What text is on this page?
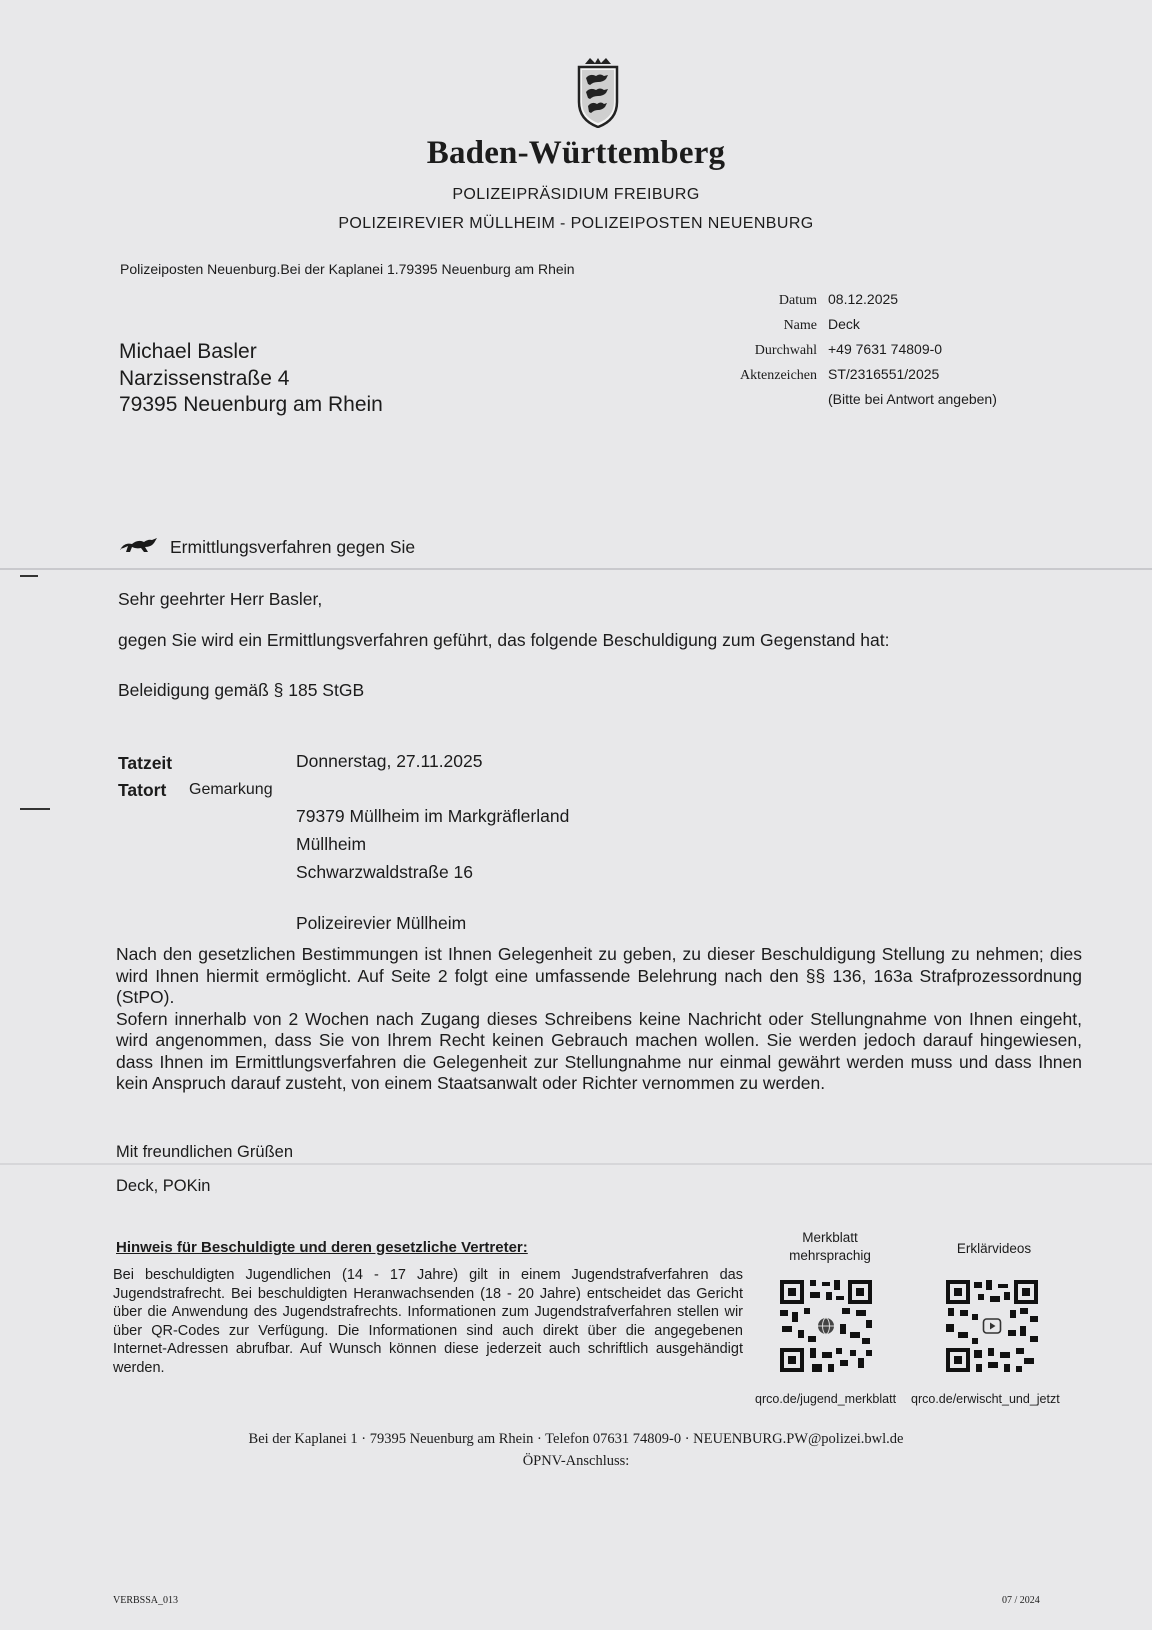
Baden-Württemberg
POLIZEIPRÄSIDIUM FREIBURG
POLIZEIREVIER MÜLLHEIM - POLIZEIPOSTEN NEUENBURG
Polizeiposten Neuenburg.Bei der Kaplanei 1.79395 Neuenburg am Rhein
Datum 08.12.2025
Name Deck
Durchwahl +49 7631 74809-0
Aktenzeichen ST/2316551/2025
(Bitte bei Antwort angeben)
Michael Basler
Narzissenstraße 4
79395 Neuenburg am Rhein
Ermittlungsverfahren gegen Sie
Sehr geehrter Herr Basler,
gegen Sie wird ein Ermittlungsverfahren geführt, das folgende Beschuldigung zum Gegenstand hat:
Beleidigung gemäß § 185 StGB
Tatzeit	Donnerstag, 27.11.2025
Tatort Gemarkung
79379 Müllheim im Markgräflerland
Müllheim
Schwarzwaldstraße 16
Polizeirevier Müllheim

Nach den gesetzlichen Bestimmungen ist Ihnen Gelegenheit zu geben, zu dieser Beschuldigung Stellung zu nehmen; dies wird Ihnen hiermit ermöglicht. Auf Seite 2 folgt eine umfassende Belehrung nach den §§ 136, 163a Strafprozessordnung (StPO).

Sofern innerhalb von 2 Wochen nach Zugang dieses Schreibens keine Nachricht oder Stellungnahme von Ihnen eingeht, wird angenommen, dass Sie von Ihrem Recht keinen Gebrauch machen wollen. Sie werden jedoch darauf hingewiesen, dass Ihnen im Ermittlungsverfahren die Gelegenheit zur Stellungnahme nur einmal gewährt werden muss und dass Ihnen kein Anspruch darauf zusteht, von einem Staatsanwalt oder Richter vernommen zu werden.

Mit freundlichen Grüßen
Deck, POKin
Hinweis für Beschuldigte und deren gesetzliche Vertreter:
Bei beschuldigten Jugendlichen (14 - 17 Jahre) gilt in einem Jugendstrafverfahren das Jugendstrafrecht. Bei beschuldigten Heranwachsenden (18 - 20 Jahre) entscheidet das Gericht über die Anwendung des Jugendstrafrechts. Informationen zum Jugendstrafverfahren stellen wir über QR-Codes zur Verfügung. Die Informationen sind auch direkt über die angegebenen Internet-Adressen abrufbar. Auf Wunsch können diese jederzeit auch schriftlich ausgehändigt werden.
Merkblatt
mehrsprachig
qrco.de/jugend_merkblatt
Erklärvideos
qrco.de/erwischt_und_jetzt
Bei der Kaplanei 1 · 79395 Neuenburg am Rhein · Telefon 07631 74809-0 · NEUENBURG.PW@polizei.bwl.de
ÖPNV-Anschluss:
VERBSSA_013	07 / 2024
